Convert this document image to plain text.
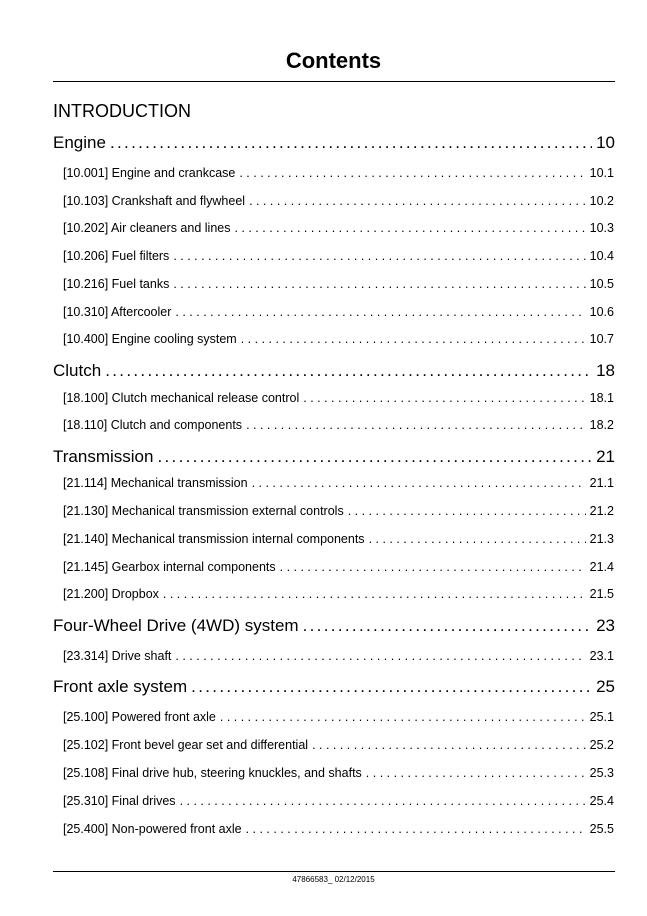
Contents
INTRODUCTION
Engine . . .	10
[10.001] Engine and crankcase . . .	10.1
[10.103] Crankshaft and flywheel . . .	10.2
[10.202] Air cleaners and lines . . .	10.3
[10.206] Fuel filters . . .	10.4
[10.216] Fuel tanks . . .	10.5
[10.310] Aftercooler . . .	10.6
[10.400] Engine cooling system . . .	10.7
Clutch . . .	18
[18.100] Clutch mechanical release control . . .	18.1
[18.110] Clutch and components . . .	18.2
Transmission . . .	21
[21.114] Mechanical transmission . . .	21.1
[21.130] Mechanical transmission external controls . . .	21.2
[21.140] Mechanical transmission internal components . . .	21.3
[21.145] Gearbox internal components . . .	21.4
[21.200] Dropbox . . .	21.5
Four-Wheel Drive (4WD) system . . .	23
[23.314] Drive shaft . . .	23.1
Front axle system . . .	25
[25.100] Powered front axle . . .	25.1
[25.102] Front bevel gear set and differential . . .	25.2
[25.108] Final drive hub, steering knuckles, and shafts . . .	25.3
[25.310] Final drives . . .	25.4
[25.400] Non-powered front axle . . .	25.5
47866583_ 02/12/2015
